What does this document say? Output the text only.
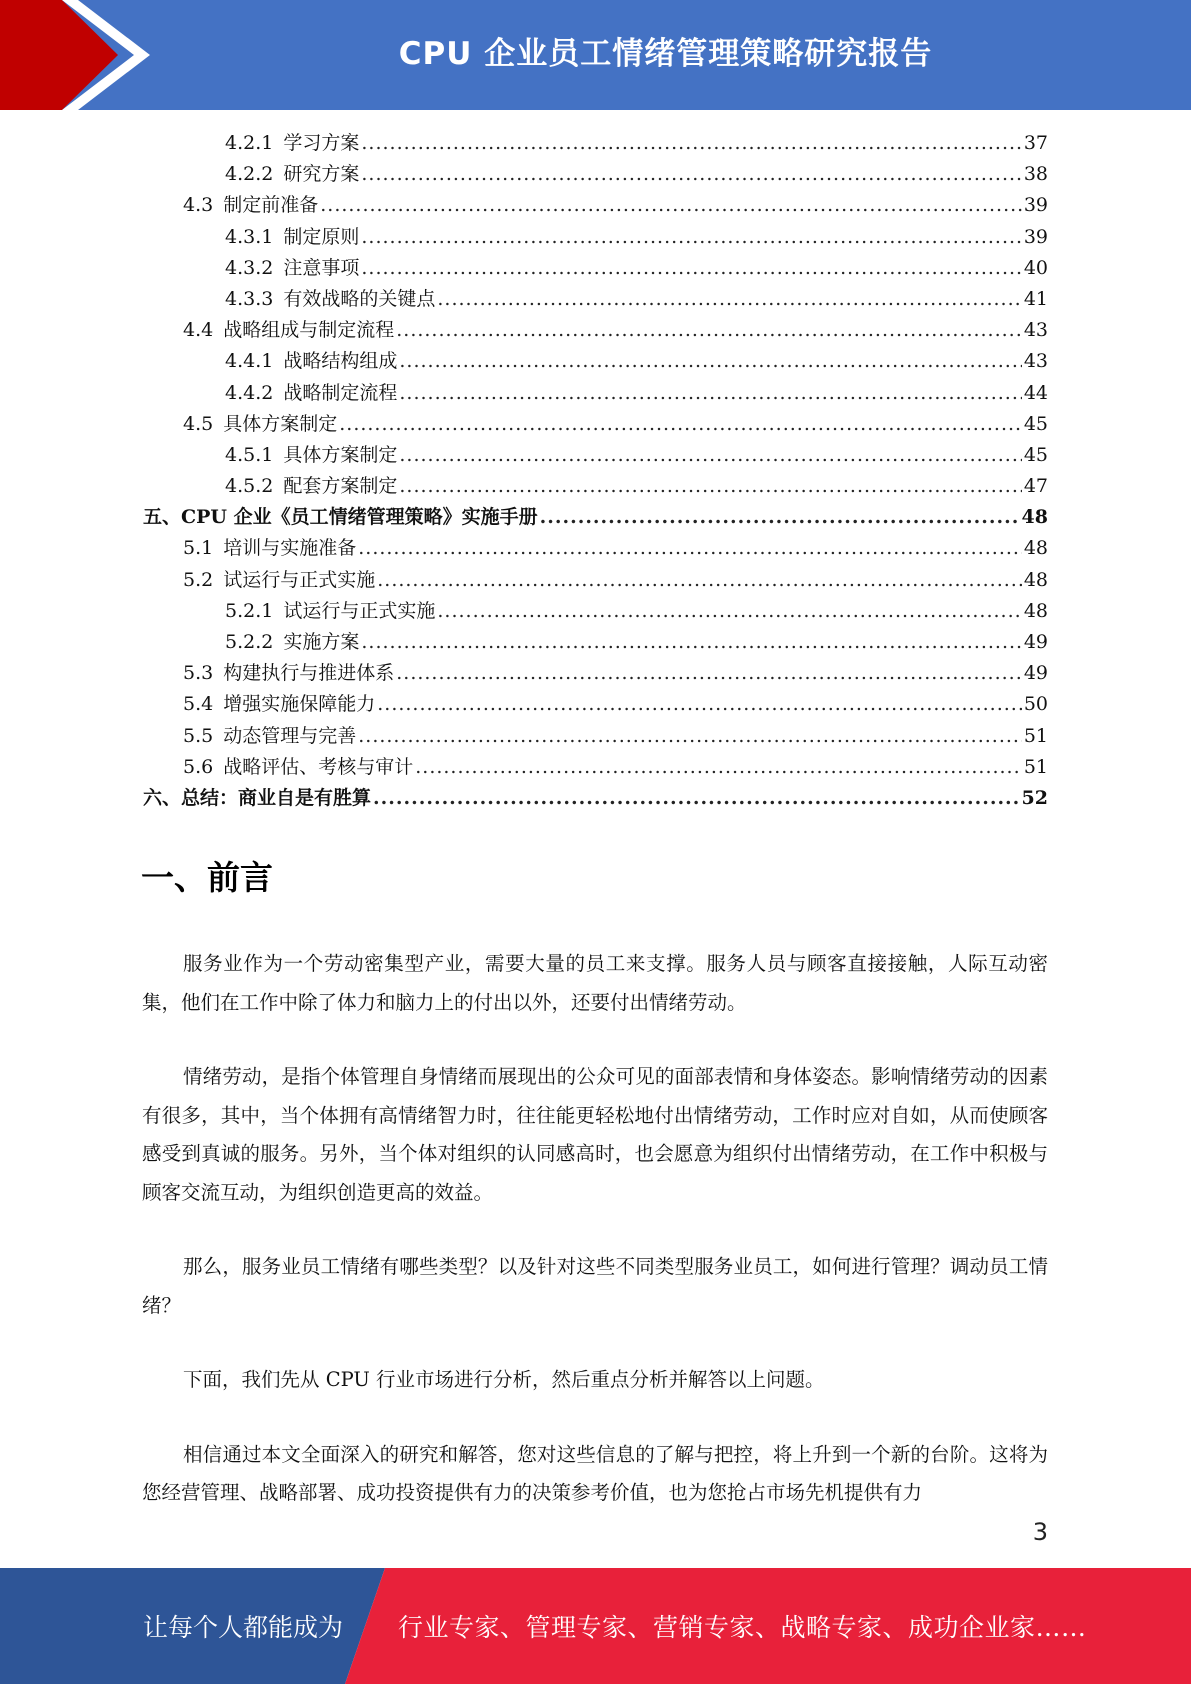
CPU 企业员工情绪管理策略研究报告
4.2.1 学习方案 .....	37
4.2.2 研究方案 .....	38
4.3 制定前准备 .....	39
4.3.1 制定原则 .....	39
4.3.2 注意事项 .....	40
4.3.3 有效战略的关键点 .....	41
4.4 战略组成与制定流程 .....	43
4.4.1 战略结构组成 .....	43
4.4.2 战略制定流程 .....	44
4.5 具体方案制定 .....	45
4.5.1 具体方案制定 .....	45
4.5.2 配套方案制定 .....	47
五、 CPU 企业《员工情绪管理策略》实施手册 .....	48
5.1 培训与实施准备 .....	48
5.2 试运行与正式实施 .....	48
5.2.1 试运行与正式实施 .....	48
5.2.2 实施方案 .....	49
5.3 构建执行与推进体系 .....	49
5.4 增强实施保障能力 .....	50
5.5 动态管理与完善 .....	51
5.6 战略评估、考核与审计 .....	51
六、 总结：商业自是有胜算 .....	52
一、前言

服务业作为一个劳动密集型产业，需要大量的员工来支撑。服务人员与顾客直接接触，人际互动密集，他们在工作中除了体力和脑力上的付出以外，还要付出情绪劳动。

情绪劳动，是指个体管理自身情绪而展现出的公众可见的面部表情和身体姿态。影响情绪劳动的因素有很多，其中，当个体拥有高情绪智力时，往往能更轻松地付出情绪劳动，工作时应对自如，从而使顾客感受到真诚的服务。另外，当个体对组织的认同感高时，也会愿意为组织付出情绪劳动，在工作中积极与顾客交流互动，为组织创造更高的效益。

那么，服务业员工情绪有哪些类型？以及针对这些不同类型服务业员工，如何进行管理？调动员工情绪？

下面，我们先从 CPU 行业市场进行分析，然后重点分析并解答以上问题。

相信通过本文全面深入的研究和解答，您对这些信息的了解与把控，将上升到一个新的台阶。这将为您经营管理、战略部署、成功投资提供有力的决策参考价值，也为您抢占市场先机提供有力

3
让每个人都能成为 行业专家、管理专家、营销专家、战略专家、成功企业家……
